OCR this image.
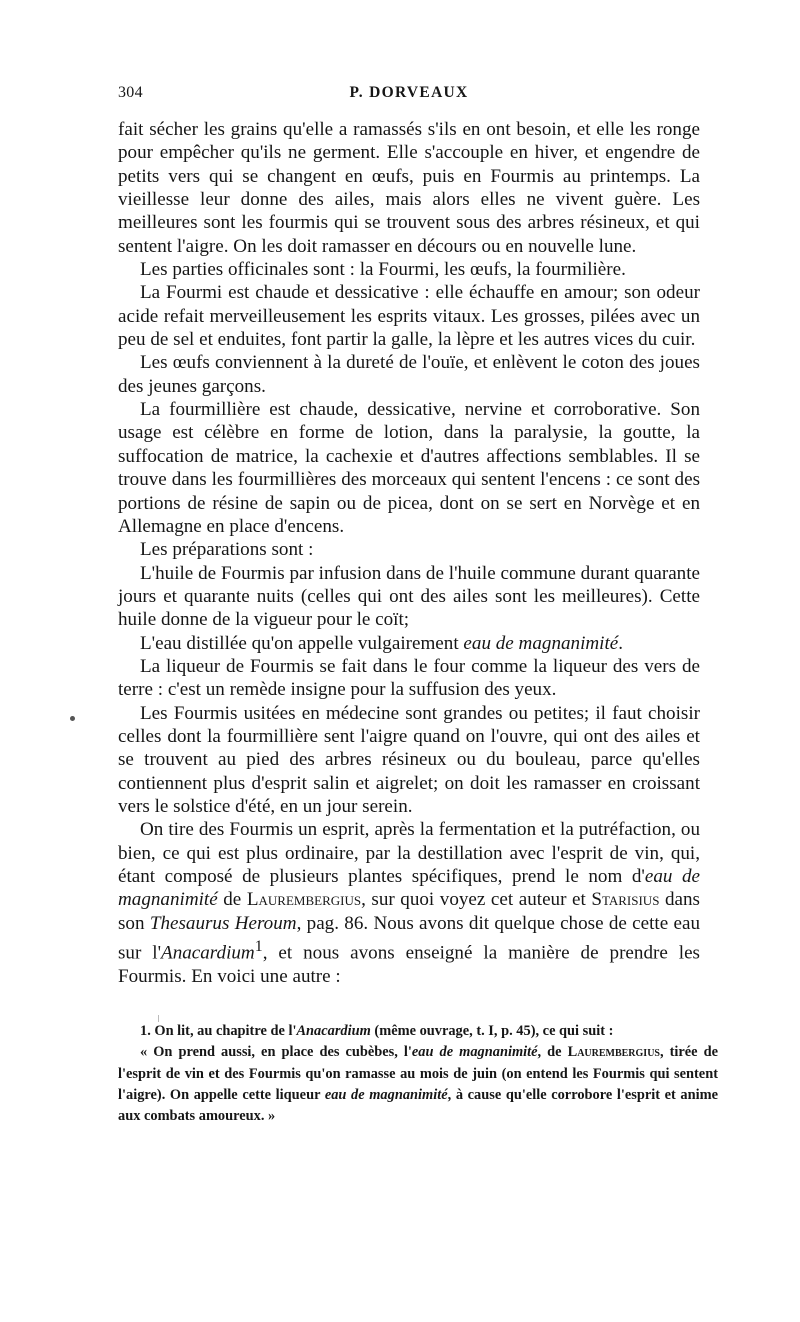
304	P. DORVEAUX

fait sécher les grains qu'elle a ramassés s'ils en ont besoin, et elle les ronge pour empêcher qu'ils ne germent. Elle s'accouple en hiver, et engendre de petits vers qui se changent en œufs, puis en Fourmis au printemps. La vieillesse leur donne des ailes, mais alors elles ne vivent guère. Les meilleures sont les fourmis qui se trouvent sous des arbres résineux, et qui sentent l'aigre. On les doit ramasser en décours ou en nouvelle lune.

Les parties officinales sont : la Fourmi, les œufs, la fourmilière.

La Fourmi est chaude et dessicative : elle échauffe en amour; son odeur acide refait merveilleusement les esprits vitaux. Les grosses, pilées avec un peu de sel et enduites, font partir la galle, la lèpre et les autres vices du cuir.

Les œufs conviennent à la dureté de l'ouïe, et enlèvent le coton des joues des jeunes garçons.

La fourmillière est chaude, dessicative, nervine et corroborative. Son usage est célèbre en forme de lotion, dans la paralysie, la goutte, la suffocation de matrice, la cachexie et d'autres affections semblables. Il se trouve dans les fourmillières des morceaux qui sentent l'encens : ce sont des portions de résine de sapin ou de picea, dont on se sert en Norvège et en Allemagne en place d'encens.

Les préparations sont :

L'huile de Fourmis par infusion dans de l'huile commune durant quarante jours et quarante nuits (celles qui ont des ailes sont les meilleures). Cette huile donne de la vigueur pour le coït;

L'eau distillée qu'on appelle vulgairement eau de magnanimité.

La liqueur de Fourmis se fait dans le four comme la liqueur des vers de terre : c'est un remède insigne pour la suffusion des yeux.

Les Fourmis usitées en médecine sont grandes ou petites; il faut choisir celles dont la fourmillière sent l'aigre quand on l'ouvre, qui ont des ailes et se trouvent au pied des arbres résineux ou du bouleau, parce qu'elles contiennent plus d'esprit salin et aigrelet; on doit les ramasser en croissant vers le solstice d'été, en un jour serein.

On tire des Fourmis un esprit, après la fermentation et la putréfaction, ou bien, ce qui est plus ordinaire, par la destillation avec l'esprit de vin, qui, étant composé de plusieurs plantes spécifiques, prend le nom d'eau de magnanimité de Laurembergius, sur quoi voyez cet auteur et Starisius dans son Thesaurus Heroum, pag. 86. Nous avons dit quelque chose de cette eau sur l'Anacardium$^1$, et nous avons enseigné la manière de prendre les Fourmis. En voici une autre :

1. On lit, au chapitre de l'Anacardium (même ouvrage, t. I, p. 45), ce qui suit :

« On prend aussi, en place des cubèbes, l'eau de magnanimité, de Laurembergius, tirée de l'esprit de vin et des Fourmis qu'on ramasse au mois de juin (on entend les Fourmis qui sentent l'aigre). On appelle cette liqueur eau de magnanimité, à cause qu'elle corrobore l'esprit et anime aux combats amoureux. »
